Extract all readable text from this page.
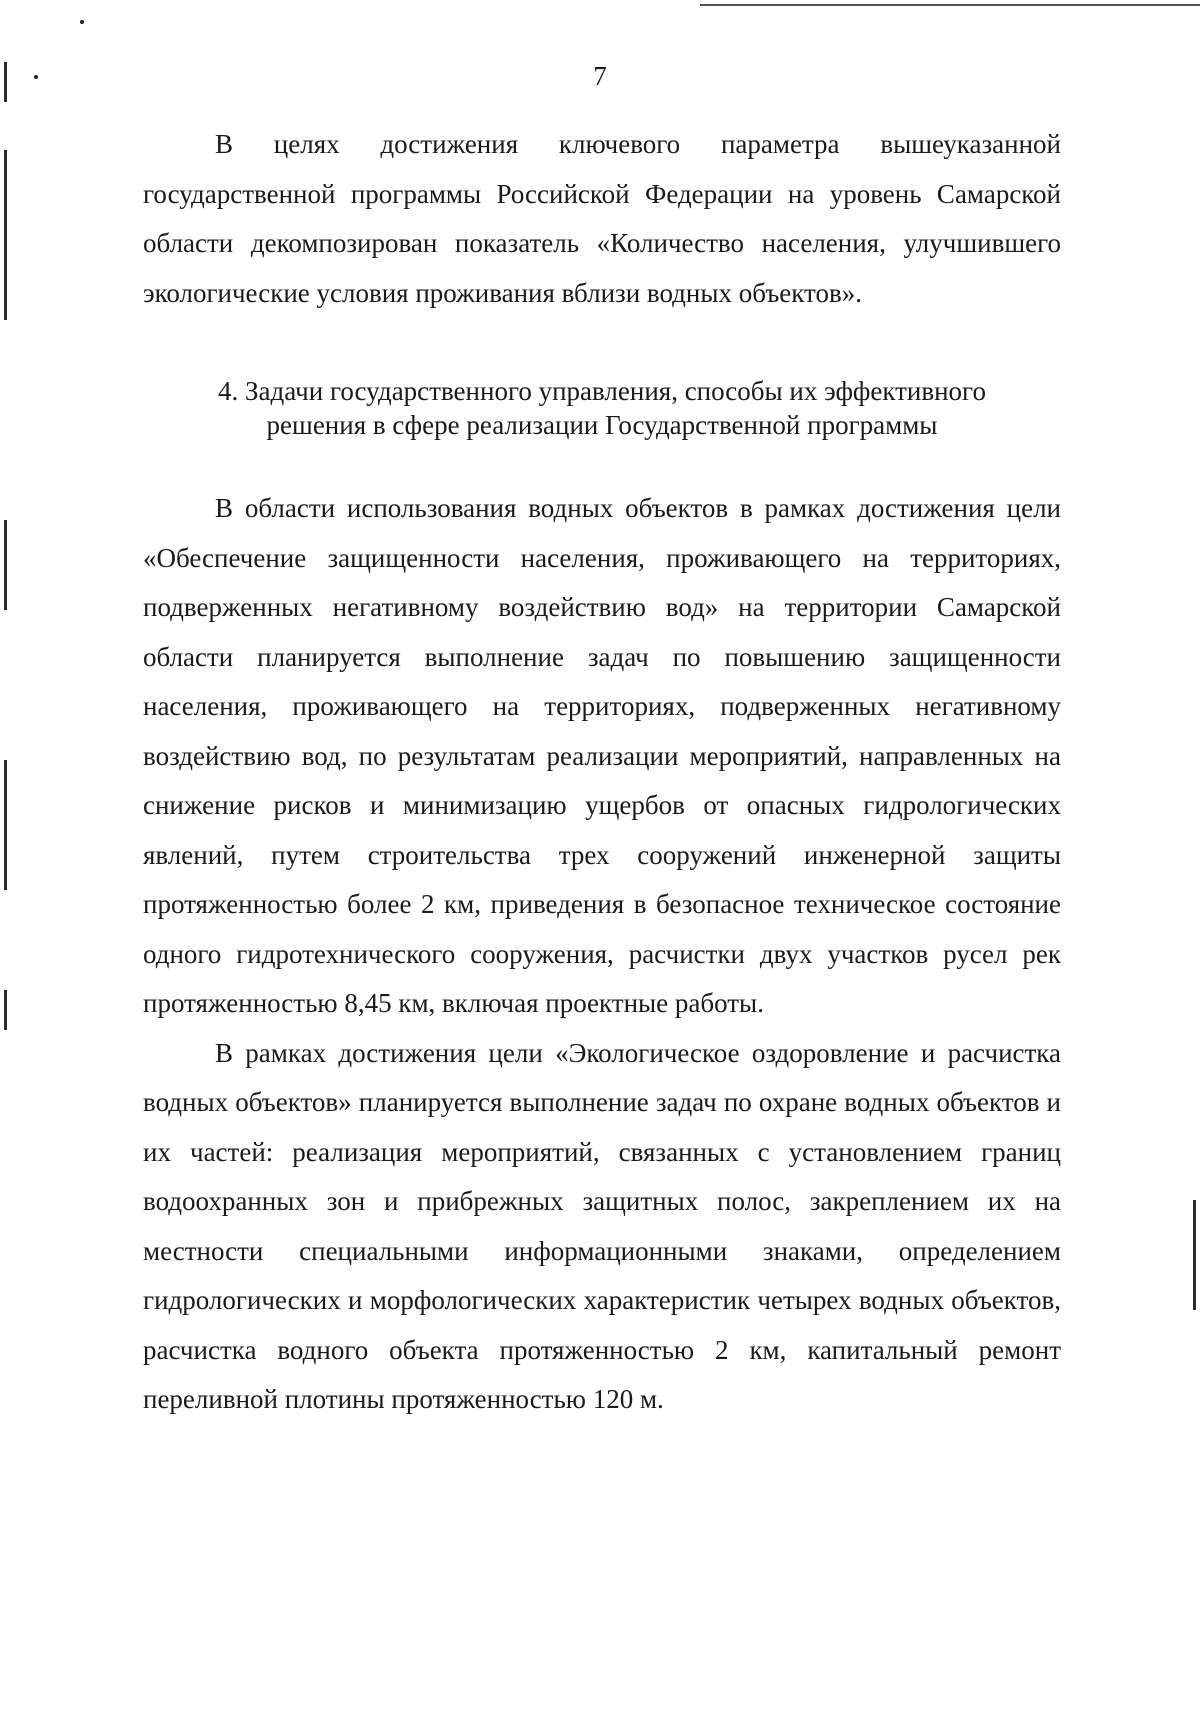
7

В целях достижения ключевого параметра вышеуказанной государственной программы Российской Федерации на уровень Самарской области декомпозирован показатель «Количество населения, улучшившего экологические условия проживания вблизи водных объектов».

4. Задачи государственного управления, способы их эффективного
решения в сфере реализации Государственной программы

В области использования водных объектов в рамках достижения цели «Обеспечение защищенности населения, проживающего на территориях, подверженных негативному воздействию вод» на территории Самарской области планируется выполнение задач по повышению защищенности населения, проживающего на территориях, подверженных негативному воздействию вод, по результатам реализации мероприятий, направленных на снижение рисков и минимизацию ущербов от опасных гидрологических явлений, путем строительства трех сооружений инженерной защиты протяженностью более 2 км, приведения в безопасное техническое состояние одного гидротехнического сооружения, расчистки двух участков русел рек протяженностью 8,45 км, включая проектные работы.

В рамках достижения цели «Экологическое оздоровление и расчистка водных объектов» планируется выполнение задач по охране водных объектов и их частей: реализация мероприятий, связанных с установлением границ водоохранных зон и прибрежных защитных полос, закреплением их на местности специальными информационными знаками, определением гидрологических и морфологических характеристик четырех водных объектов, расчистка водного объекта протяженностью 2 км, капитальный ремонт переливной плотины протяженностью 120 м.
